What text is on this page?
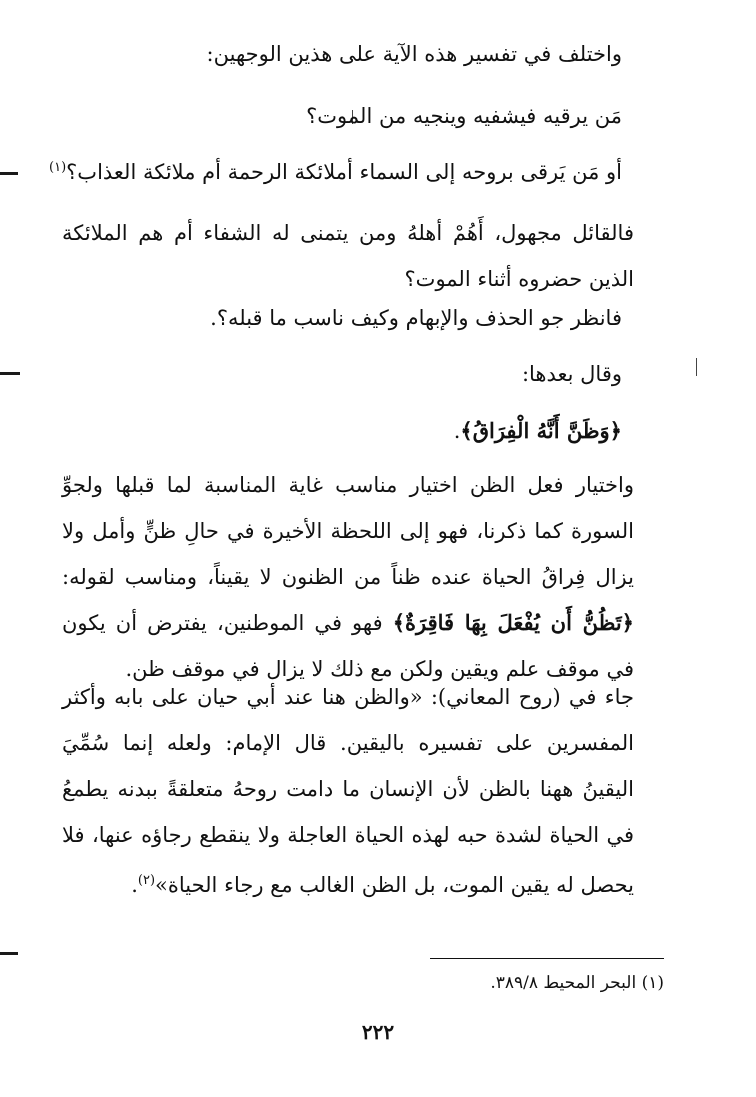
واختلف في تفسير هذه الآية على هذين الوجهين:
مَن يرقيه فيشفيه وينجيه من الموت؟
أو مَن يَرقى بروحه إلى السماء أملائكة الرحمة أم ملائكة العذاب؟$^{(١)}$
فالقائل مجهول، أَهُمْ أهلهُ ومن يتمنى له الشفاء أم هم الملائكة الذين حضروه أثناء الموت؟
فانظر جو الحذف والإبهام وكيف ناسب ما قبله؟.
وقال بعدها:
﴿وَظَنَّ أَنَّهُ الْفِرَاقُ﴾.
واختيار فعل الظن اختيار مناسب غاية المناسبة لما قبلها ولجوِّ السورة كما ذكرنا، فهو إلى اللحظة الأخيرة في حالِ ظنٍّ وأمل ولا يزال فِراقُ الحياة عنده ظناً من الظنون لا يقيناً، ومناسب لقوله: ﴿تَظُنُّ أَن يُفْعَلَ بِهَا فَاقِرَةٌ﴾ فهو في الموطنين، يفترض أن يكون في موقف علم ويقين ولكن مع ذلك لا يزال في موقف ظن.
جاء في (روح المعاني): «والظن هنا عند أبي حيان على بابه وأكثر المفسرين على تفسيره باليقين. قال الإمام: ولعله إنما سُمِّيَ اليقينُ ههنا بالظن لأن الإنسان ما دامت روحهُ متعلقةً ببدنه يطمعُ في الحياة لشدة حبه لهذه الحياة العاجلة ولا ينقطع رجاؤه عنها، فلا يحصل له يقين الموت، بل الظن الغالب مع رجاء الحياة»$^{(٢)}$.
(١) البحر المحيط ٣٨٩/٨.
٢٢٢
